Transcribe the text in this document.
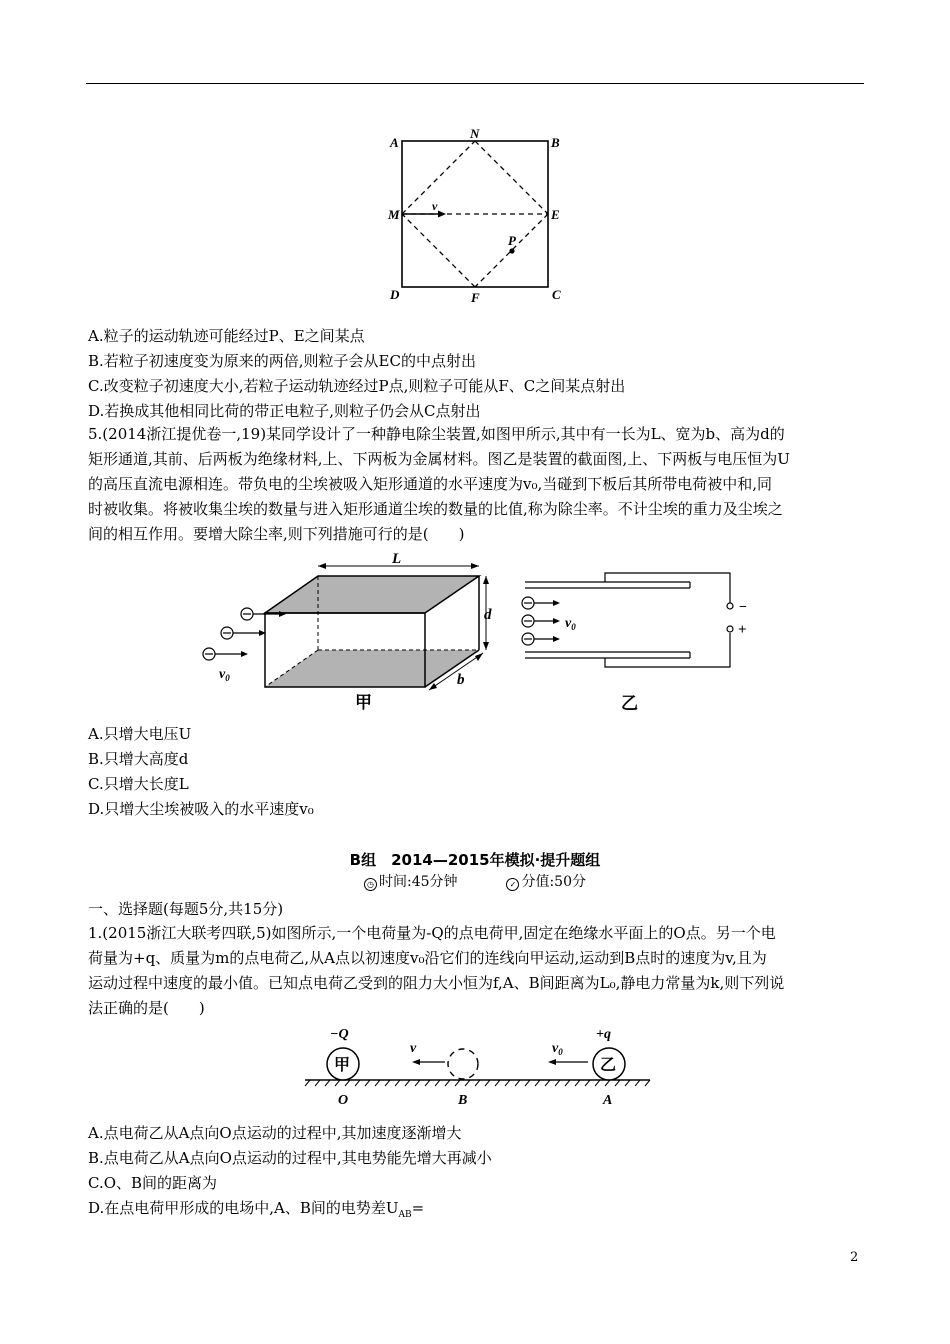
A
N
B
M	E
D	F	C
P
v
A.粒子的运动轨迹可能经过P、E之间某点
B.若粒子初速度变为原来的两倍,则粒子会从EC的中点射出
C.改变粒子初速度大小,若粒子运动轨迹经过P点,则粒子可能从F、C之间某点射出
D.若换成其他相同比荷的带正电粒子,则粒子仍会从C点射出
5.(2014浙江提优卷一,19)某同学设计了一种静电除尘装置,如图甲所示,其中有一长为L、宽为b、高为d的
矩形通道,其前、后两板为绝缘材料,上、下两板为金属材料。图乙是装置的截面图,上、下两板与电压恒为U
的高压直流电源相连。带负电的尘埃被吸入矩形通道的水平速度为v₀,当碰到下板后其所带电荷被中和,同
时被收集。将被收集尘埃的数量与进入矩形通道尘埃的数量的比值,称为除尘率。不计尘埃的重力及尘埃之
间的相互作用。要增大除尘率,则下列措施可行的是(　　)
L
d
b
$v_0$
甲
−
+
$v_0$
乙
A.只增大电压U
B.只增大高度d
C.只增大长度L
D.只增大尘埃被吸入的水平速度v₀
B组　2014—2015年模拟·提升题组
◷ 时间:45分钟	✓ 分值:50分
一、选择题(每题5分,共15分)
1.(2015浙江大联考四联,5)如图所示,一个电荷量为-Q的点电荷甲,固定在绝缘水平面上的O点。另一个电
荷量为+q、质量为m的点电荷乙,从A点以初速度v₀沿它们的连线向甲运动,运动到B点时的速度为v,且为
运动过程中速度的最小值。已知点电荷乙受到的阻力大小恒为f,A、B间距离为L₀,静电力常量为k,则下列说
法正确的是(　　)
甲
−Q
O	B
v
乙
+q
A
$v_0$
A.点电荷乙从A点向O点运动的过程中,其加速度逐渐增大
B.点电荷乙从A点向O点运动的过程中,其电势能先增大再减小
C.O、B间的距离为
D.在点电荷甲形成的电场中,A、B间的电势差$U_{AB}=$
2
